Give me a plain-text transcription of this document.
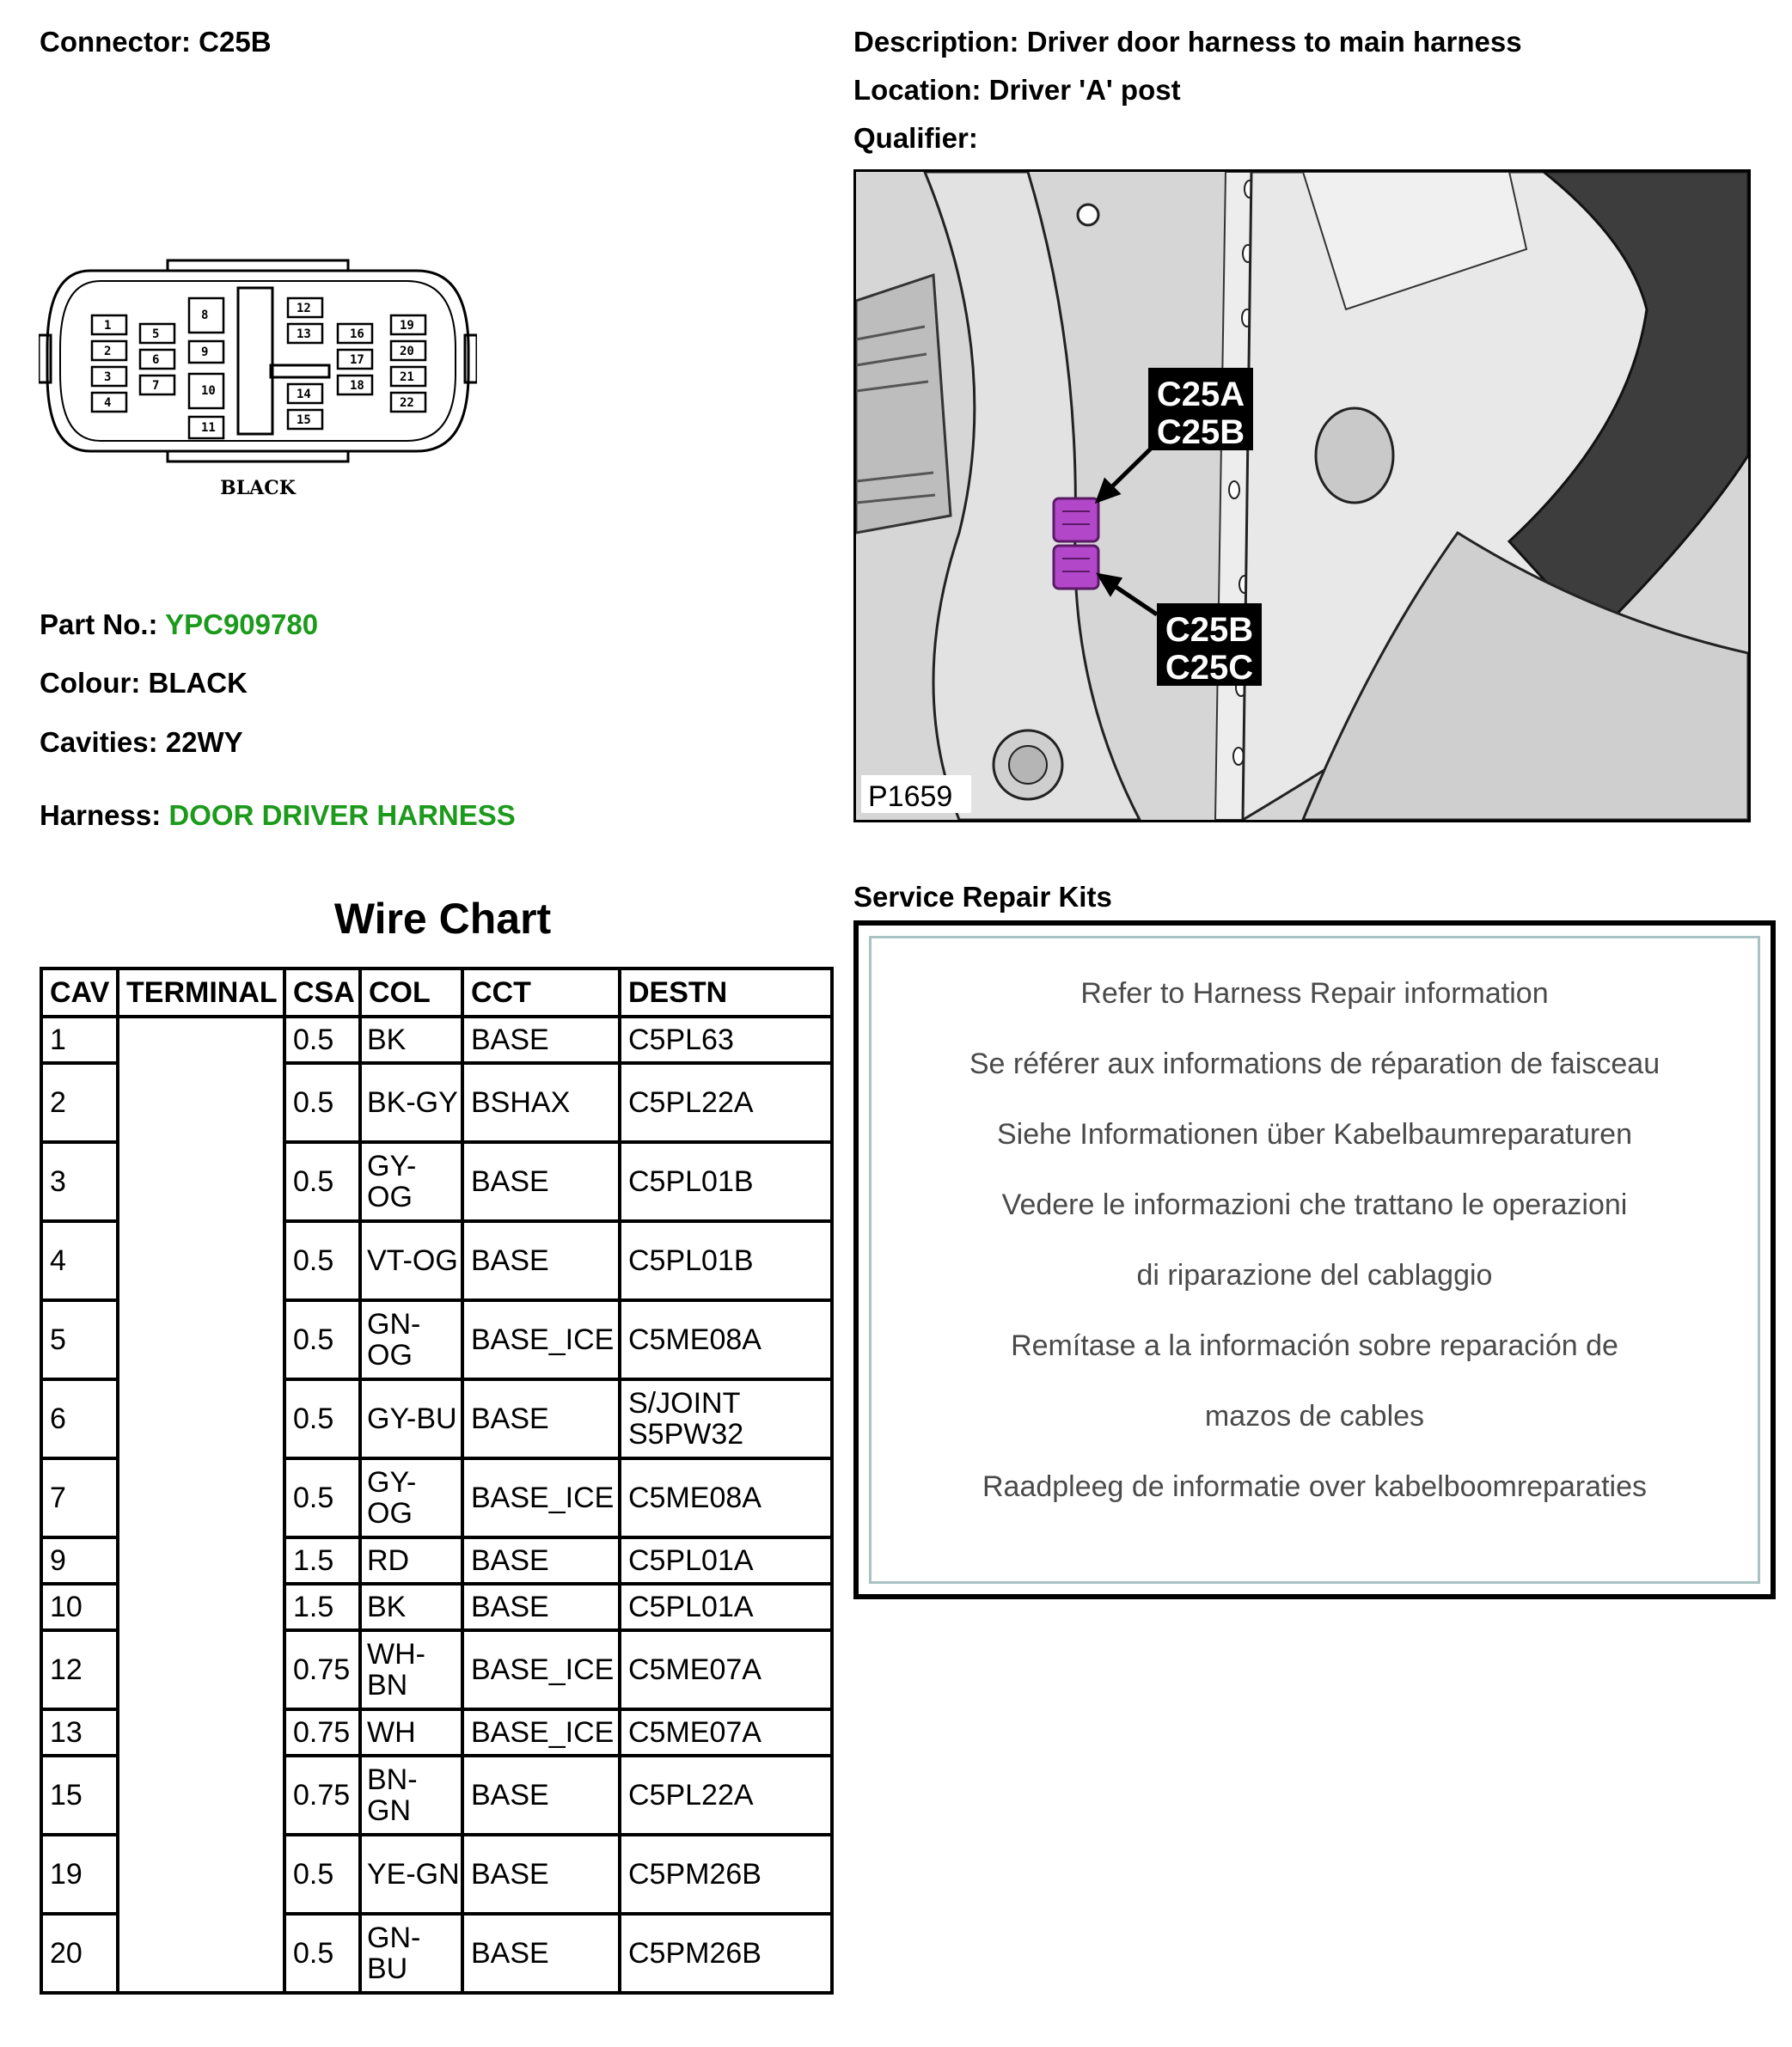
Connector: C25B	Description: Driver door harness to main harness
Location: Driver 'A' post
Qualifier:
1
2
3
4
5
6
7
8
9
10
11
12
13
14
15
16
17
18
19
20
21
22
BLACK
Part No.: YPC909780
Colour: BLACK
Cavities: 22WY
Harness: DOOR DRIVER HARNESS
Wire Chart
CAV	TERMINAL	CSA	COL	CCT	DESTN
1		0.5	BK	BASE	C5PL63
2		0.5	BK-GY	BSHAX	C5PL22A
3		0.5	GY-OG	BASE	C5PL01B
4		0.5	VT-OG	BASE	C5PL01B
5		0.5	GN-OG	BASE_ICE	C5ME08A
6		0.5	GY-BU	BASE	S/JOINT S5PW32
7		0.5	GY-OG	BASE_ICE	C5ME08A
9		1.5	RD	BASE	C5PL01A
10		1.5	BK	BASE	C5PL01A
12		0.75	WH-BN	BASE_ICE	C5ME07A
13		0.75	WH	BASE_ICE	C5ME07A
15		0.75	BN-GN	BASE	C5PL22A
19		0.5	YE-GN	BASE	C5PM26B
20		0.5	GN-BU	BASE	C5PM26B
C25A
C25B
C25B
C25C
P1659
Service Repair Kits
Refer to Harness Repair information
Se référer aux informations de réparation de faisceau
Siehe Informationen über Kabelbaumreparaturen
Vedere le informazioni che trattano le operazioni
di riparazione del cablaggio
Remítase a la información sobre reparación de
mazos de cables
Raadpleeg de informatie over kabelboomreparaties
